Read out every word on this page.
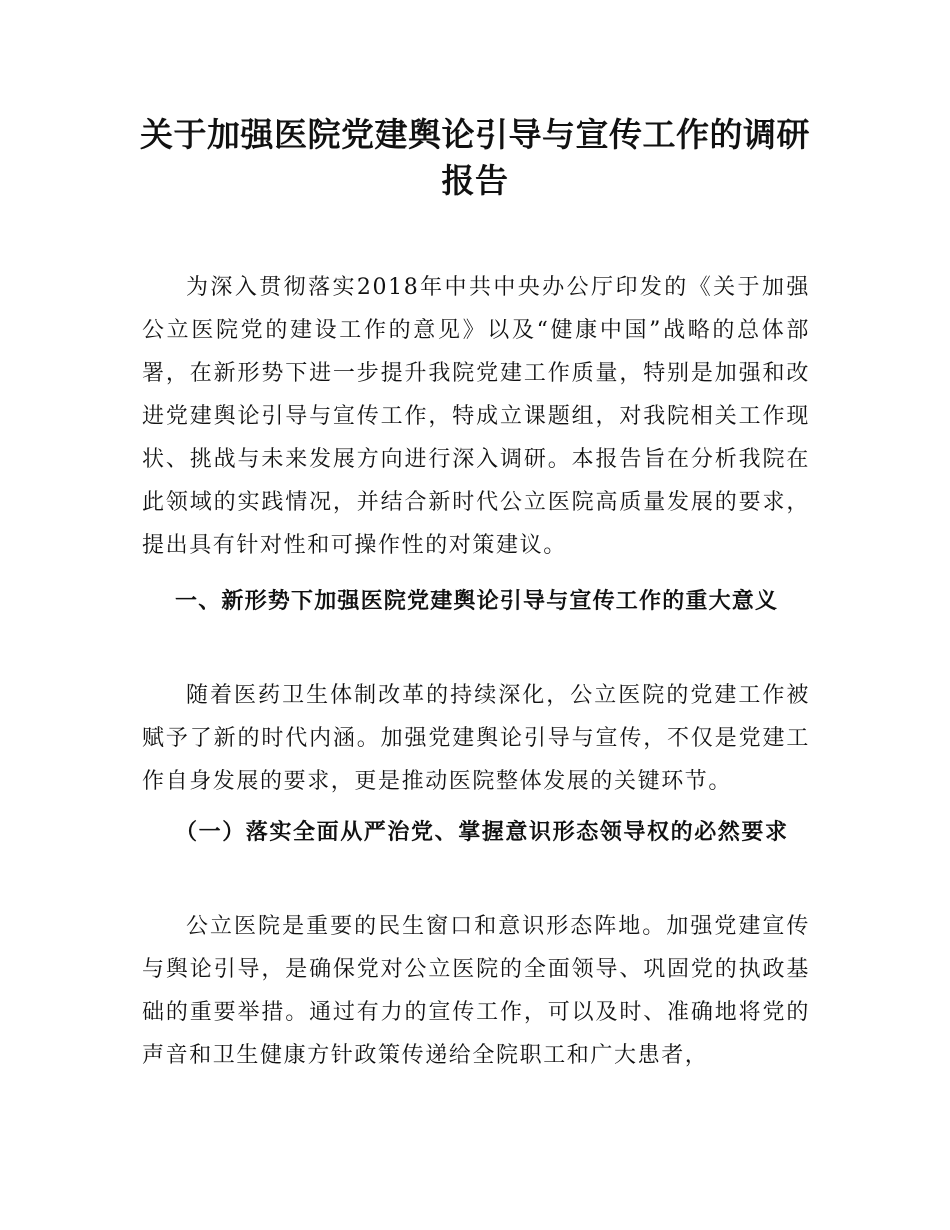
关于加强医院党建舆论引导与宣传工作的调研报告

为深入贯彻落实2018年中共中央办公厅印发的《关于加强公立医院党的建设工作的意见》以及“健康中国”战略的总体部署，在新形势下进一步提升我院党建工作质量，特别是加强和改进党建舆论引导与宣传工作，特成立课题组，对我院相关工作现状、挑战与未来发展方向进行深入调研。本报告旨在分析我院在此领域的实践情况，并结合新时代公立医院高质量发展的要求，提出具有针对性和可操作性的对策建议。

一、新形势下加强医院党建舆论引导与宣传工作的重大意义

随着医药卫生体制改革的持续深化，公立医院的党建工作被赋予了新的时代内涵。加强党建舆论引导与宣传，不仅是党建工作自身发展的要求，更是推动医院整体发展的关键环节。

（一）落实全面从严治党、掌握意识形态领导权的必然要求

公立医院是重要的民生窗口和意识形态阵地。加强党建宣传与舆论引导，是确保党对公立医院的全面领导、巩固党的执政基础的重要举措。通过有力的宣传工作，可以及时、准确地将党的声音和卫生健康方针政策传递给全院职工和广大患者，
